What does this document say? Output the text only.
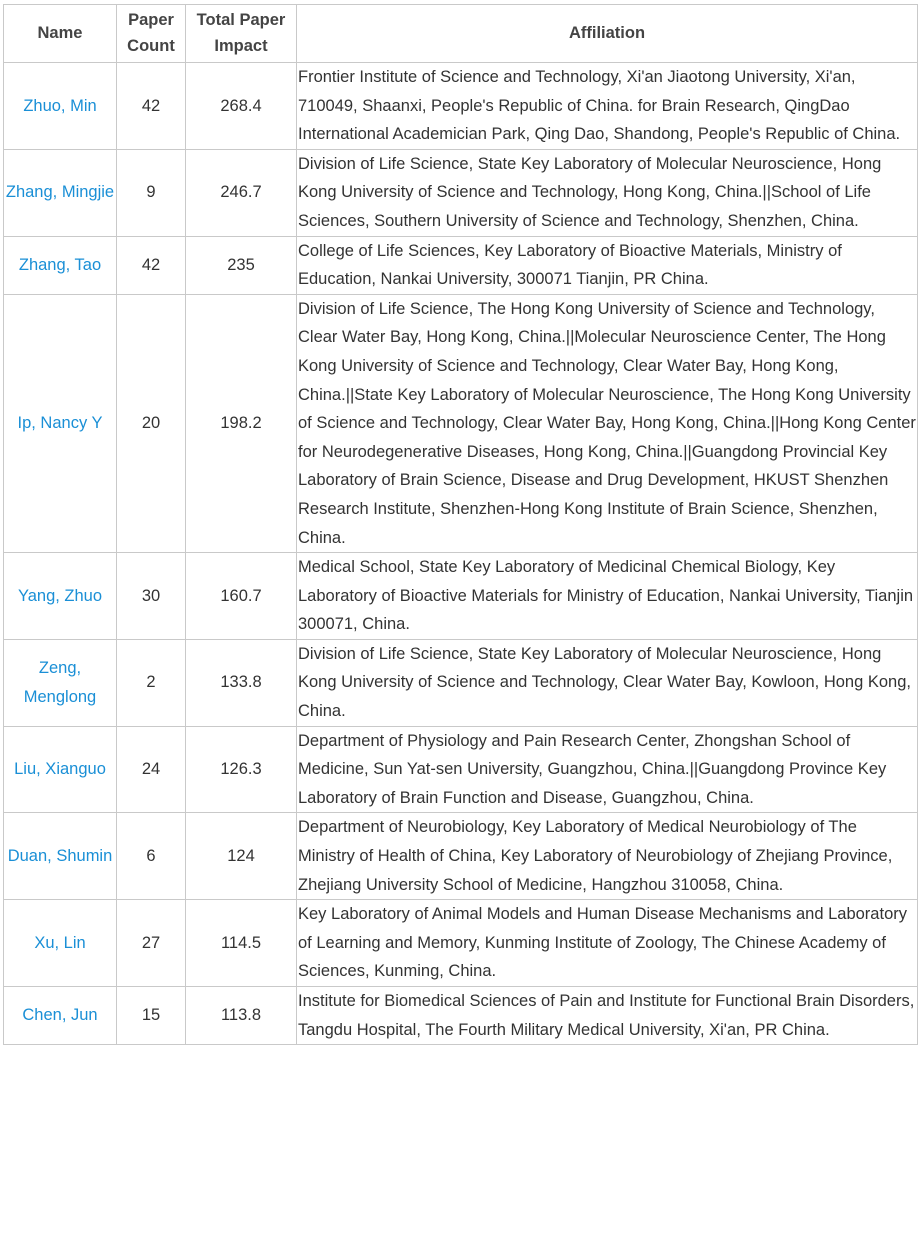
Name	Paper Count	Total Paper Impact	Affiliation
Zhuo, Min	42	268.4	Frontier Institute of Science and Technology, Xi'an Jiaotong University, Xi'an, 710049, Shaanxi, People's Republic of China. for Brain Research, QingDao International Academician Park, Qing Dao, Shandong, People's Republic of China.
Zhang, Mingjie	9	246.7	Division of Life Science, State Key Laboratory of Molecular Neuroscience, Hong Kong University of Science and Technology, Hong Kong, China.||School of Life Sciences, Southern University of Science and Technology, Shenzhen, China.
Zhang, Tao	42	235	College of Life Sciences, Key Laboratory of Bioactive Materials, Ministry of Education, Nankai University, 300071 Tianjin, PR China.
Ip, Nancy Y	20	198.2	Division of Life Science, The Hong Kong University of Science and Technology, Clear Water Bay, Hong Kong, China.||Molecular Neuroscience Center, The Hong Kong University of Science and Technology, Clear Water Bay, Hong Kong, China.||State Key Laboratory of Molecular Neuroscience, The Hong Kong University of Science and Technology, Clear Water Bay, Hong Kong, China.||Hong Kong Center for Neurodegenerative Diseases, Hong Kong, China.||Guangdong Provincial Key Laboratory of Brain Science, Disease and Drug Development, HKUST Shenzhen Research Institute, Shenzhen-Hong Kong Institute of Brain Science, Shenzhen, China.
Yang, Zhuo	30	160.7	Medical School, State Key Laboratory of Medicinal Chemical Biology, Key Laboratory of Bioactive Materials for Ministry of Education, Nankai University, Tianjin 300071, China.
Zeng, Menglong	2	133.8	Division of Life Science, State Key Laboratory of Molecular Neuroscience, Hong Kong University of Science and Technology, Clear Water Bay, Kowloon, Hong Kong, China.
Liu, Xianguo	24	126.3	Department of Physiology and Pain Research Center, Zhongshan School of Medicine, Sun Yat-sen University, Guangzhou, China.||Guangdong Province Key Laboratory of Brain Function and Disease, Guangzhou, China.
Duan, Shumin	6	124	Department of Neurobiology, Key Laboratory of Medical Neurobiology of The Ministry of Health of China, Key Laboratory of Neurobiology of Zhejiang Province, Zhejiang University School of Medicine, Hangzhou 310058, China.
Xu, Lin	27	114.5	Key Laboratory of Animal Models and Human Disease Mechanisms and Laboratory of Learning and Memory, Kunming Institute of Zoology, The Chinese Academy of Sciences, Kunming, China.
Chen, Jun	15	113.8	Institute for Biomedical Sciences of Pain and Institute for Functional Brain Disorders, Tangdu Hospital, The Fourth Military Medical University, Xi'an, PR China.
